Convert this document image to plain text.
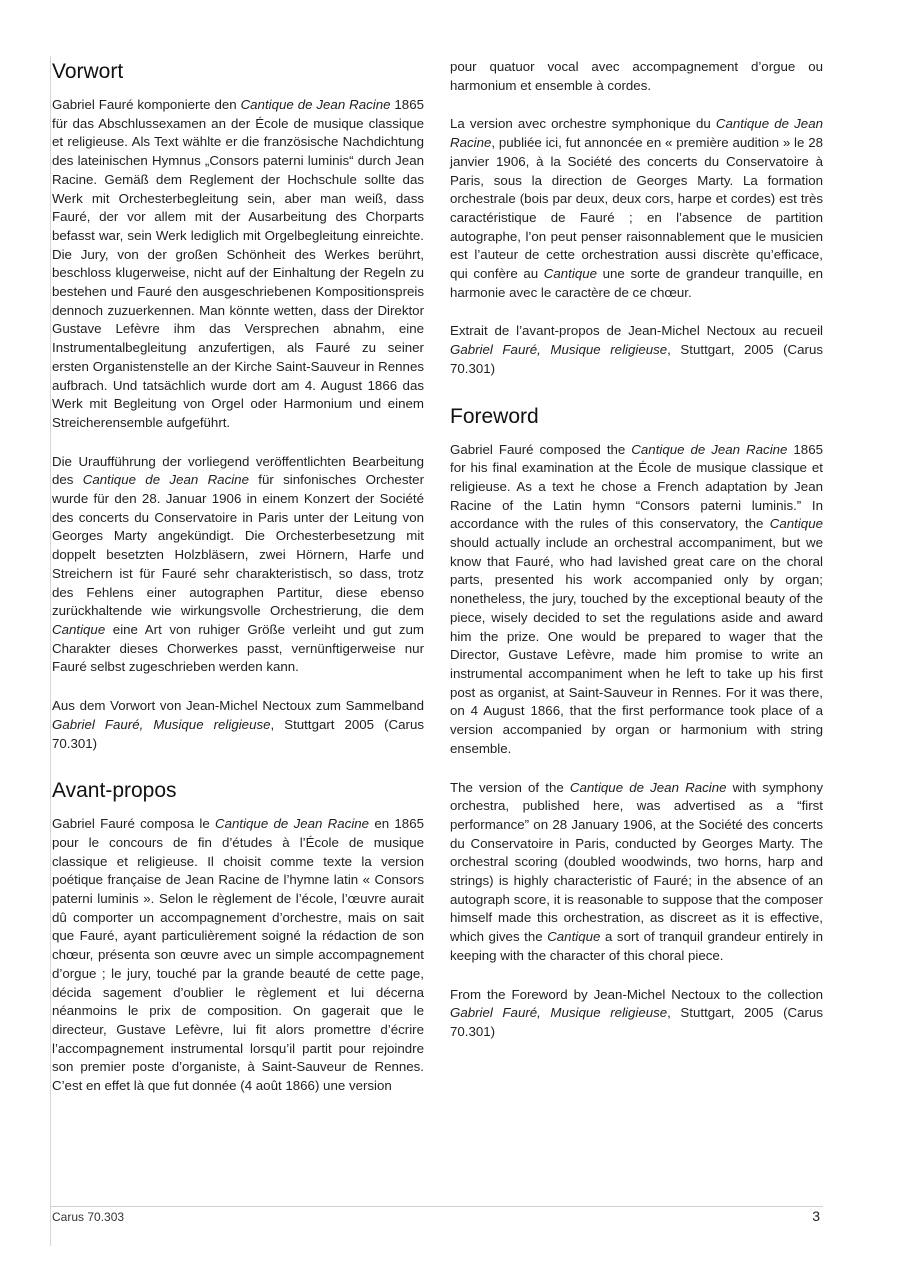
Vorwort

Gabriel Fauré komponierte den Cantique de Jean Racine 1865 für das Abschlussexamen an der École de musique classique et religieuse. Als Text wählte er die französische Nachdichtung des lateinischen Hymnus „Consors paterni luminis“ durch Jean Racine. Gemäß dem Reglement der Hochschule sollte das Werk mit Orchesterbegleitung sein, aber man weiß, dass Fauré, der vor allem mit der Ausarbeitung des Chorparts befasst war, sein Werk lediglich mit Orgelbegleitung einreichte. Die Jury, von der großen Schönheit des Werkes berührt, beschloss klugerweise, nicht auf der Einhaltung der Regeln zu bestehen und Fauré den ausgeschriebenen Kompositionspreis dennoch zuzuerkennen. Man könnte wetten, dass der Direktor Gustave Lefèvre ihm das Versprechen abnahm, eine Instrumentalbegleitung anzufertigen, als Fauré zu seiner ersten Organistenstelle an der Kirche Saint-Sauveur in Rennes aufbrach. Und tatsächlich wurde dort am 4. August 1866 das Werk mit Begleitung von Orgel oder Harmonium und einem Streicherensemble aufgeführt.

Die Uraufführung der vorliegend veröffentlichten Bearbeitung des Cantique de Jean Racine für sinfonisches Orchester wurde für den 28. Januar 1906 in einem Konzert der Société des concerts du Conservatoire in Paris unter der Leitung von Georges Marty angekündigt. Die Orchesterbesetzung mit doppelt besetzten Holzbläsern, zwei Hörnern, Harfe und Streichern ist für Fauré sehr charakteristisch, so dass, trotz des Fehlens einer autographen Partitur, diese ebenso zurückhaltende wie wirkungsvolle Orchestrierung, die dem Cantique eine Art von ruhiger Größe verleiht und gut zum Charakter dieses Chorwerkes passt, vernünftigerweise nur Fauré selbst zugeschrieben werden kann.

Aus dem Vorwort von Jean-Michel Nectoux zum Sammelband Gabriel Fauré, Musique religieuse, Stuttgart 2005 (Carus 70.301)

Avant-propos

Gabriel Fauré composa le Cantique de Jean Racine en 1865 pour le concours de fin d’études à l’École de musique classique et religieuse. Il choisit comme texte la version poétique française de Jean Racine de l’hymne latin « Consors paterni luminis ». Selon le règlement de l’école, l’œuvre aurait dû comporter un accompagnement d’orchestre, mais on sait que Fauré, ayant particulièrement soigné la rédaction de son chœur, présenta son œuvre avec un simple accompagnement d’orgue ; le jury, touché par la grande beauté de cette page, décida sagement d’oublier le règlement et lui décerna néanmoins le prix de composition. On gagerait que le directeur, Gustave Lefèvre, lui fit alors promettre d’écrire l’accompagnement instrumental lorsqu’il partit pour rejoindre son premier poste d’organiste, à Saint-Sauveur de Rennes. C’est en effet là que fut donnée (4 août 1866) une version

pour quatuor vocal avec accompagnement d’orgue ou harmonium et ensemble à cordes.

La version avec orchestre symphonique du Cantique de Jean Racine, publiée ici, fut annoncée en « première audition » le 28 janvier 1906, à la Société des concerts du Conservatoire à Paris, sous la direction de Georges Marty. La formation orchestrale (bois par deux, deux cors, harpe et cordes) est très caractéristique de Fauré ; en l’absence de partition autographe, l’on peut penser raisonnablement que le musicien est l’auteur de cette orchestration aussi discrète qu’efficace, qui confère au Cantique une sorte de grandeur tranquille, en harmonie avec le caractère de ce chœur.

Extrait de l’avant-propos de Jean-Michel Nectoux au recueil Gabriel Fauré, Musique religieuse, Stuttgart, 2005 (Carus 70.301)

Foreword

Gabriel Fauré composed the Cantique de Jean Racine 1865 for his final examination at the École de musique classique et religieuse. As a text he chose a French adaptation by Jean Racine of the Latin hymn “Consors paterni luminis.” In accordance with the rules of this conservatory, the Cantique should actually include an orchestral accompaniment, but we know that Fauré, who had lavished great care on the choral parts, presented his work accompanied only by organ; nonetheless, the jury, touched by the exceptional beauty of the piece, wisely decided to set the regulations aside and award him the prize. One would be prepared to wager that the Director, Gustave Lefèvre, made him promise to write an instrumental accompaniment when he left to take up his first post as organist, at Saint-Sauveur in Rennes. For it was there, on 4 August 1866, that the first performance took place of a version accompanied by organ or harmonium with string ensemble.

The version of the Cantique de Jean Racine with symphony orchestra, published here, was advertised as a “first performance” on 28 January 1906, at the Société des concerts du Conservatoire in Paris, conducted by Georges Marty. The orchestral scoring (doubled woodwinds, two horns, harp and strings) is highly characteristic of Fauré; in the absence of an autograph score, it is reasonable to suppose that the composer himself made this orchestration, as discreet as it is effective, which gives the Cantique a sort of tranquil grandeur entirely in keeping with the character of this choral piece.

From the Foreword by Jean-Michel Nectoux to the collection Gabriel Fauré, Musique religieuse, Stuttgart, 2005 (Carus 70.301)

Carus 70.303	3
